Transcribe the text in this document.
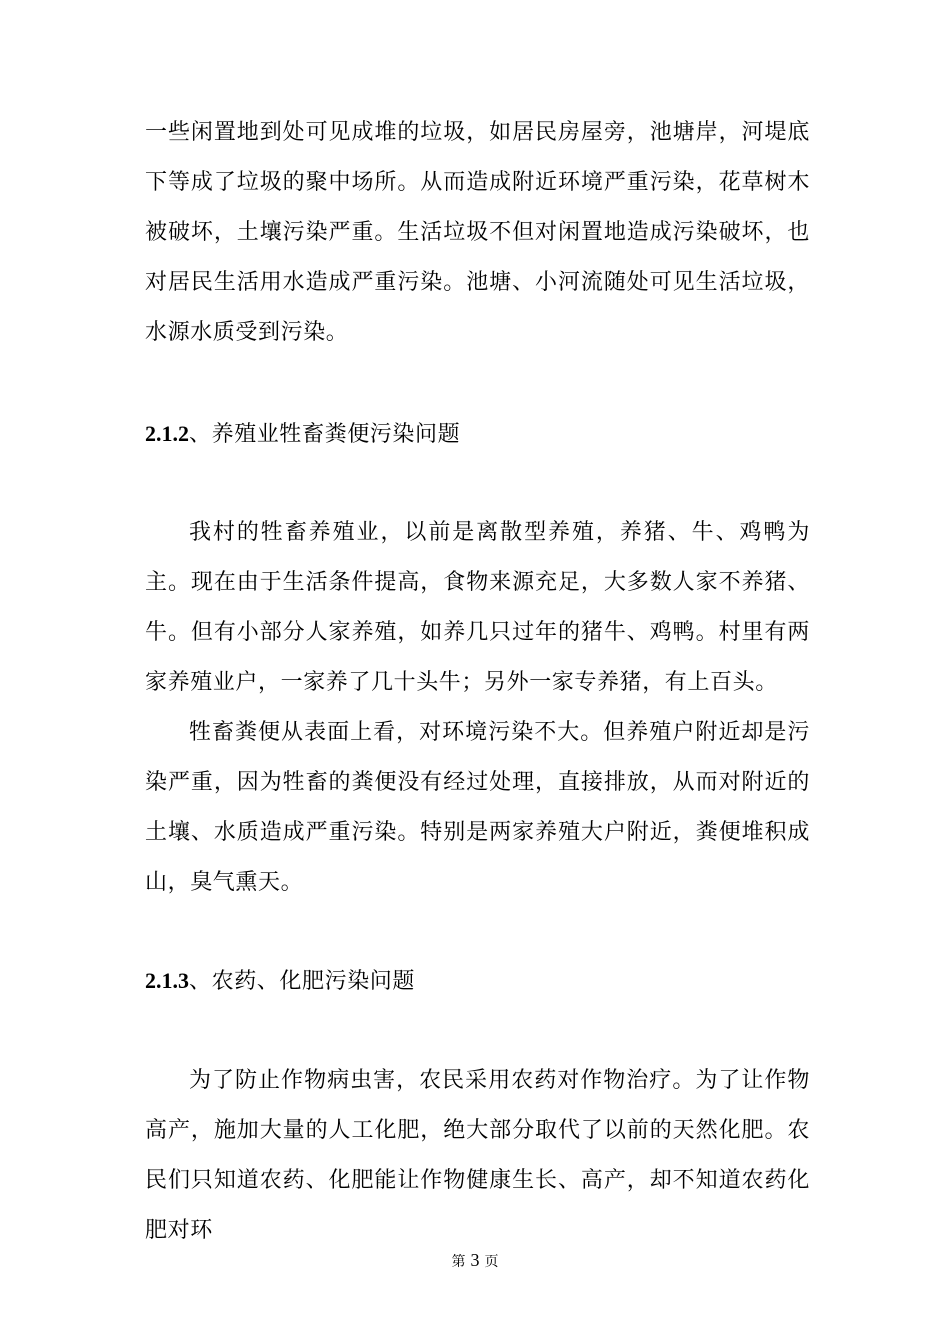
一些闲置地到处可见成堆的垃圾，如居民房屋旁，池塘岸，河堤底下等成了垃圾的聚中场所。从而造成附近环境严重污染，花草树木被破坏，土壤污染严重。生活垃圾不但对闲置地造成污染破坏，也对居民生活用水造成严重污染。池塘、小河流随处可见生活垃圾，水源水质受到污染。

2.1.2、养殖业牲畜粪便污染问题

我村的牲畜养殖业，以前是离散型养殖，养猪、牛、鸡鸭为主。现在由于生活条件提高，食物来源充足，大多数人家不养猪、牛。但有小部分人家养殖，如养几只过年的猪牛、鸡鸭。村里有两家养殖业户，一家养了几十头牛；另外一家专养猪，有上百头。

牲畜粪便从表面上看，对环境污染不大。但养殖户附近却是污染严重，因为牲畜的粪便没有经过处理，直接排放，从而对附近的土壤、水质造成严重污染。特别是两家养殖大户附近，粪便堆积成山，臭气熏天。

2.1.3、农药、化肥污染问题

为了防止作物病虫害，农民采用农药对作物治疗。为了让作物高产，施加大量的人工化肥，绝大部分取代了以前的天然化肥。农民们只知道农药、化肥能让作物健康生长、高产，却不知道农药化肥对环

第 3 页
